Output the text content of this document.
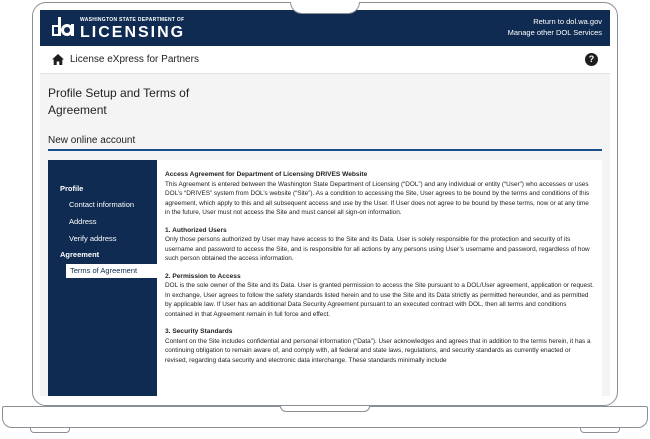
WASHINGTON STATE DEPARTMENT OF
LICENSING
Return to dol.wa.gov
Manage other DOL Services
License eXpress for Partners	?
Profile Setup and Terms of Agreement
New online account
Profile
Contact information
Address
Verify address
Agreement
Terms of Agreement
Access Agreement for Department of Licensing DRIVES Website

This Agreement is entered between the Washington State Department of Licensing (“DOL”) and any individual or entity (“User”) who accesses or uses DOL’s “DRIVES” system from DOL’s website (“Site”). As a condition to accessing the Site, User agrees to be bound by the terms and conditions of this agreement, which apply to this and all subsequent access and use by the User. If User does not agree to be bound by these terms, now or at any time in the future, User must not access the Site and must cancel all sign-on information.

1. Authorized Users

Only those persons authorized by User may have access to the Site and its Data. User is solely responsible for the protection and security of its username and password to access the Site, and is responsible for all actions by any persons using User’s username and password, regardless of how such person obtained the access information.

2. Permission to Access

DOL is the sole owner of the Site and its Data. User is granted permission to access the Site pursuant to a DOL/User agreement, application or request. In exchange, User agrees to follow the safety standards listed herein and to use the Site and its Data strictly as permitted hereunder, and as permitted by applicable law. If User has an additional Data Security Agreement pursuant to an executed contract with DOL, then all terms and conditions contained in that Agreement remain in full force and effect.

3. Security Standards

Content on the Site includes confidential and personal information (“Data”). User acknowledges and agrees that in addition to the terms herein, it has a continuing obligation to remain aware of, and comply with, all federal and state laws, regulations, and security standards as currently enacted or revised, regarding data security and electronic data interchange. These standards minimally include
